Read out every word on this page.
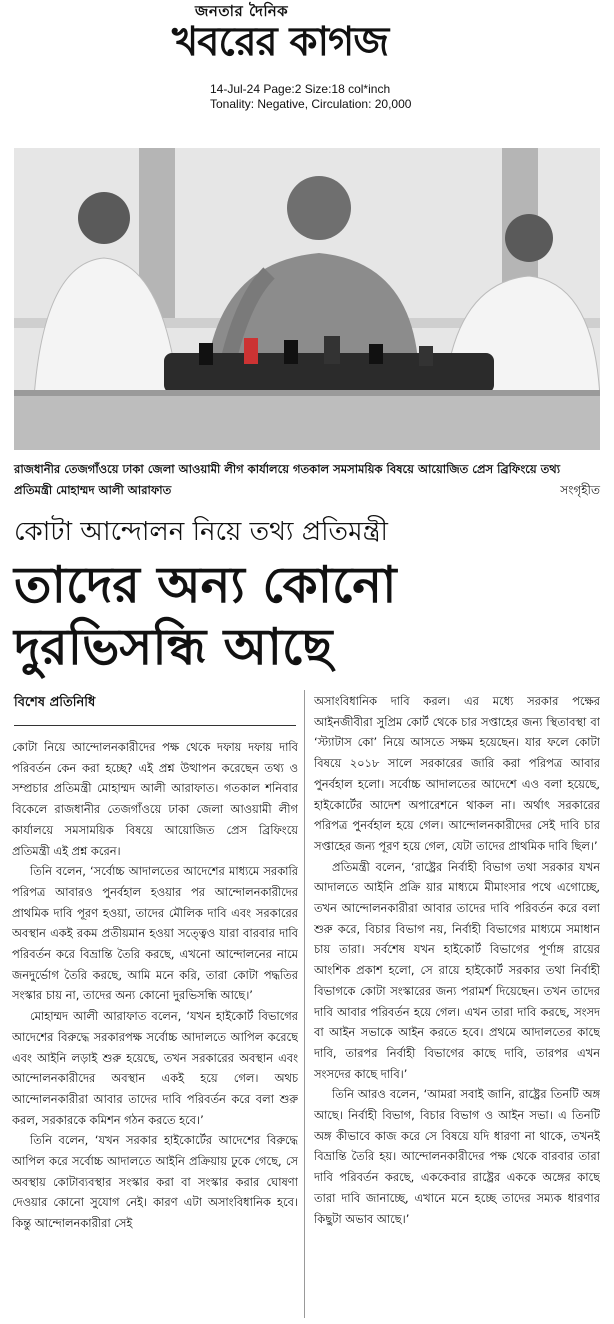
জনতার দৈনিক
খবরের কাগজ
14-Jul-24 Page:2 Size:18 col*inch
Tonality: Negative, Circulation: 20,000
রাজধানীর তেজগাঁওয়ে ঢাকা জেলা আওয়ামী লীগ কার্যালয়ে গতকাল সমসাময়িক বিষয়ে আয়োজিত প্রেস ব্রিফিংয়ে তথ্য প্রতিমন্ত্রী মোহাম্মদ আলী আরাফাত	সংগৃহীত
কোটা আন্দোলন নিয়ে তথ্য প্রতিমন্ত্রী
তাদের অন্য কোনো
দুরভিসন্ধি আছে
বিশেষ প্রতিনিধি

কোটা নিয়ে আন্দোলনকারীদের পক্ষ থেকে দফায় দফায় দাবি পরিবর্তন কেন করা হচ্ছে? এই প্রশ্ন উত্থাপন করেছেন তথ্য ও সম্প্রচার প্রতিমন্ত্রী মোহাম্মদ আলী আরাফাত। গতকাল শনিবার বিকেলে রাজধানীর তেজগাঁওয়ে ঢাকা জেলা আওয়ামী লীগ কার্যালয়ে সমসাময়িক বিষয়ে আয়োজিত প্রেস ব্রিফিংয়ে প্রতিমন্ত্রী এই প্রশ্ন করেন।

তিনি বলেন, ‘সর্বোচ্চ আদালতের আদেশের মাধ্যমে সরকারি পরিপত্র আবারও পুনর্বহাল হওয়ার পর আন্দোলনকারীদের প্রাথমিক দাবি পূরণ হওয়া, তাদের মৌলিক দাবি এবং সরকারের অবস্থান একই রকম প্রতীয়মান হওয়া সত্ত্বেও যারা বারবার দাবি পরিবর্তন করে বিভ্রান্তি তৈরি করছে, এখনো আন্দোলনের নামে জনদুর্ভোগ তৈরি করছে, আমি মনে করি, তারা কোটা পদ্ধতির সংস্কার চায় না, তাদের অন্য কোনো দুরভিসন্ধি আছে।’

মোহাম্মদ আলী আরাফাত বলেন, ‘যখন হাইকোর্ট বিভাগের আদেশের বিরুদ্ধে সরকারপক্ষ সর্বোচ্চ আদালতে আপিল করেছে এবং আইনি লড়াই শুরু হয়েছে, তখন সরকারের অবস্থান এবং আন্দোলনকারীদের অবস্থান একই হয়ে গেল। অথচ আন্দোলনকারীরা আবার তাদের দাবি পরিবর্তন করে বলা শুরু করল, সরকারকে কমিশন গঠন করতে হবে।’

তিনি বলেন, ‘যখন সরকার হাইকোর্টের আদেশের বিরুদ্ধে আপিল করে সর্বোচ্চ আদালতে আইনি প্রক্রিয়ায় ঢুকে গেছে, সে অবস্থায় কোটাব্যবস্থার সংস্কার করা বা সংস্কার করার ঘোষণা দেওয়ার কোনো সুযোগ নেই। কারণ এটা অসাংবিধানিক হবে। কিন্তু আন্দোলনকারীরা সেই

অসাংবিধানিক দাবি করল। এর মধ্যে সরকার পক্ষের আইনজীবীরা সুপ্রিম কোর্ট থেকে চার সপ্তাহের জন্য স্থিতাবস্থা বা ‘স্ট্যাটাস কো’ নিয়ে আসতে সক্ষম হয়েছেন। যার ফলে কোটা বিষয়ে ২০১৮ সালে সরকারের জারি করা পরিপত্র আবার পুনর্বহাল হলো। সর্বোচ্চ আদালতের আদেশে এও বলা হয়েছে, হাইকোর্টের আদেশ অপারেশনে থাকল না। অর্থাৎ সরকারের পরিপত্র পুনর্বহাল হয়ে গেল। আন্দোলনকারীদের সেই দাবি চার সপ্তাহের জন্য পূরণ হয়ে গেল, যেটা তাদের প্রাথমিক দাবি ছিল।’

প্রতিমন্ত্রী বলেন, ‘রাষ্ট্রের নির্বাহী বিভাগ তথা সরকার যখন আদালতে আইনি প্রক্রি য়ার মাধ্যমে মীমাংসার পথে এগোচ্ছে, তখন আন্দোলনকারীরা আবার তাদের দাবি পরিবর্তন করে বলা শুরু করে, বিচার বিভাগ নয়, নির্বাহী বিভাগের মাধ্যমে সমাধান চায় তারা। সর্বশেষ যখন হাইকোর্ট বিভাগের পূর্ণাঙ্গ রায়ের আংশিক প্রকাশ হলো, সে রায়ে হাইকোর্ট সরকার তথা নির্বাহী বিভাগকে কোটা সংস্কারের জন্য পরামর্শ দিয়েছেন। তখন তাদের দাবি আবার পরিবর্তন হয়ে গেল। এখন তারা দাবি করছে, সংসদ বা আইন সভাকে আইন করতে হবে। প্রথমে আদালতের কাছে দাবি, তারপর নির্বাহী বিভাগের কাছে দাবি, তারপর এখন সংসদের কাছে দাবি।’

তিনি আরও বলেন, ‘আমরা সবাই জানি, রাষ্ট্রের তিনটি অঙ্গ আছে। নির্বাহী বিভাগ, বিচার বিভাগ ও আইন সভা। এ তিনটি অঙ্গ কীভাবে কাজ করে সে বিষয়ে যদি ধারণা না থাকে, তখনই বিভ্রান্তি তৈরি হয়। আন্দোলনকারীদের পক্ষ থেকে বারবার তারা দাবি পরিবর্তন করছে, এককেবার রাষ্ট্রের এককে অঙ্গের কাছে তারা দাবি জানাচ্ছে, এখানে মনে হচ্ছে তাদের সম্যক ধারণার কিছুটা অভাব আছে।’
